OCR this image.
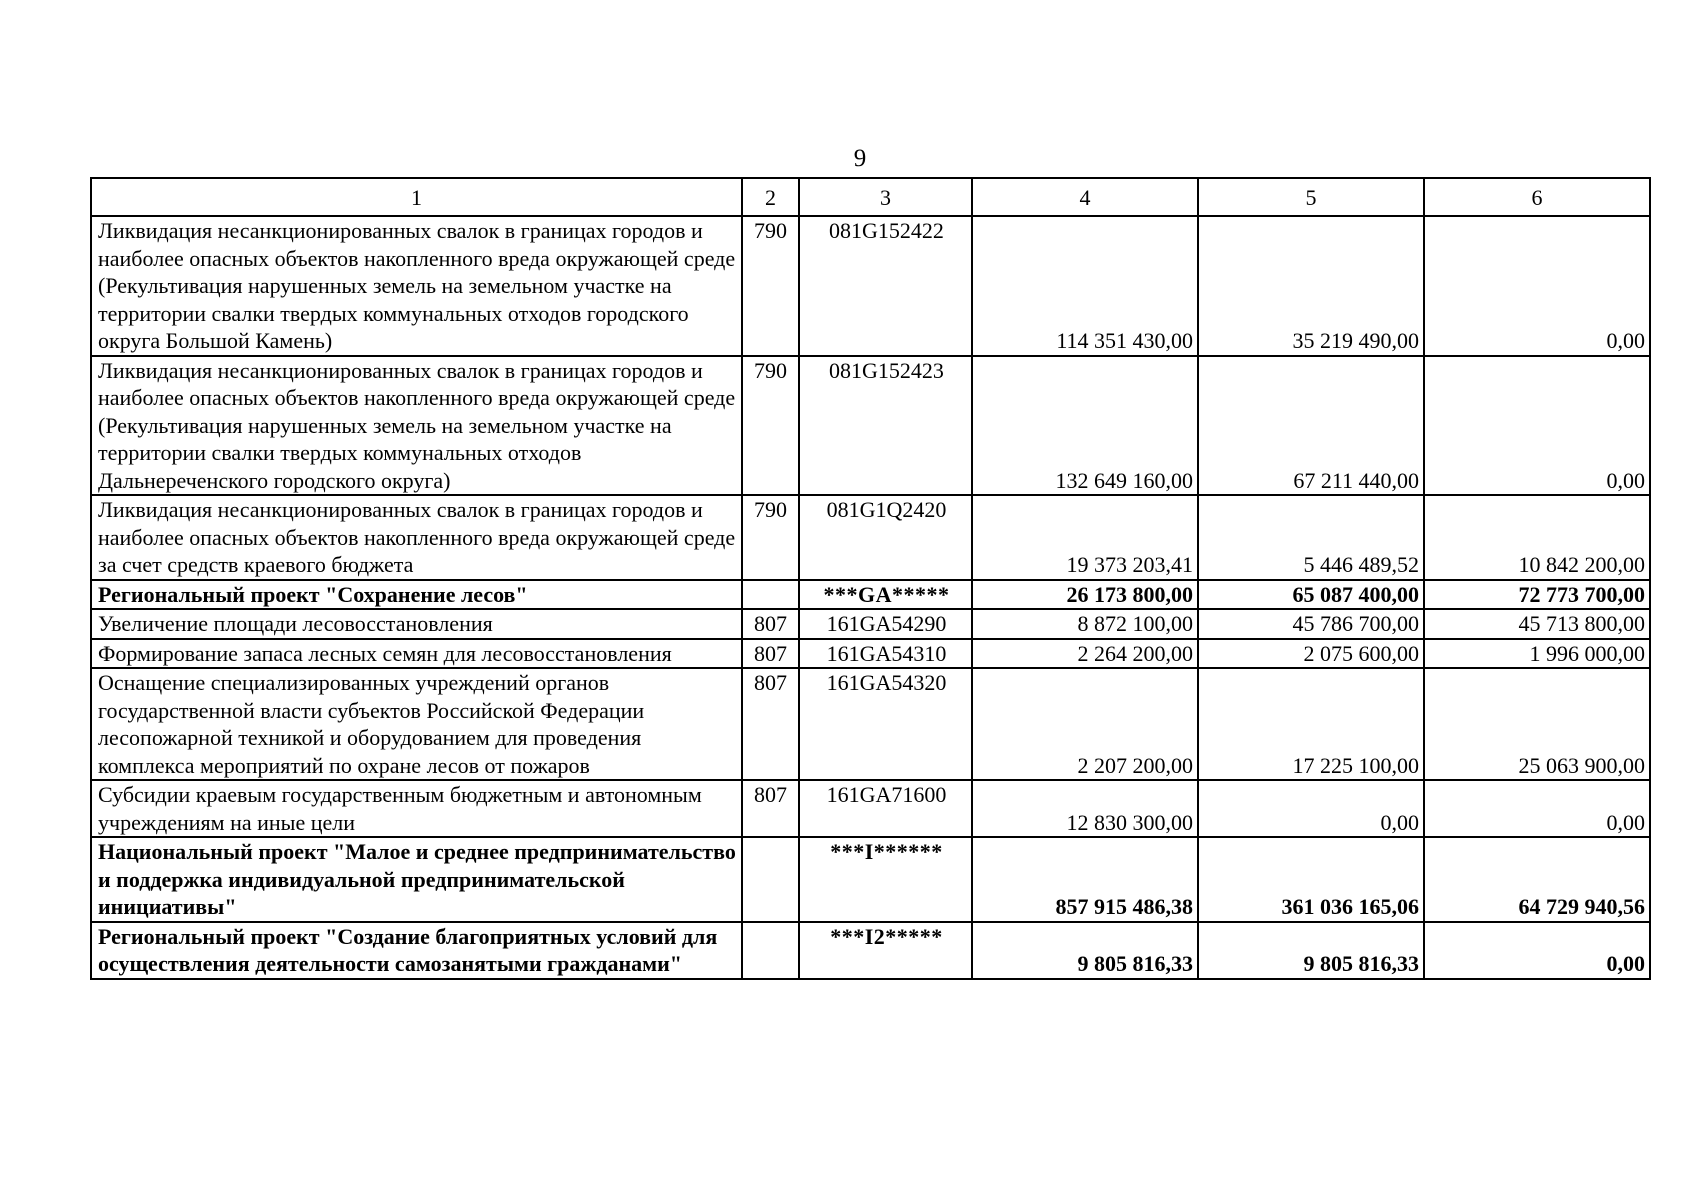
9
1	2	3	4	5	6
Ликвидация несанкционированных свалок в границах городов и наиболее опасных объектов накопленного вреда окружающей среде (Рекультивация нарушенных земель на земельном участке на территории свалки твердых коммунальных отходов городского округа Большой Камень)	790	081G152422	114 351 430,00	35 219 490,00	0,00
Ликвидация несанкционированных свалок в границах городов и наиболее опасных объектов накопленного вреда окружающей среде (Рекультивация нарушенных земель на земельном участке на территории свалки твердых коммунальных отходов Дальнереченского городского округа)	790	081G152423	132 649 160,00	67 211 440,00	0,00
Ликвидация несанкционированных свалок в границах городов и наиболее опасных объектов накопленного вреда окружающей среде за счет средств краевого бюджета	790	081G1Q2420	19 373 203,41	5 446 489,52	10 842 200,00
Региональный проект "Сохранение лесов"		***GA*****	26 173 800,00	65 087 400,00	72 773 700,00
Увеличение площади лесовосстановления	807	161GA54290	8 872 100,00	45 786 700,00	45 713 800,00
Формирование запаса лесных семян для лесовосстановления	807	161GA54310	2 264 200,00	2 075 600,00	1 996 000,00
Оснащение специализированных учреждений органов государственной власти субъектов Российской Федерации лесопожарной техникой и оборудованием для проведения комплекса мероприятий по охране лесов от пожаров	807	161GA54320	2 207 200,00	17 225 100,00	25 063 900,00
Субсидии краевым государственным бюджетным и автономным учреждениям на иные цели	807	161GA71600	12 830 300,00	0,00	0,00
Национальный проект "Малое и среднее предпринимательство и поддержка индивидуальной предпринимательской инициативы"		***I******	857 915 486,38	361 036 165,06	64 729 940,56
Региональный проект "Создание благоприятных условий для осуществления деятельности самозанятыми гражданами"		***I2*****	9 805 816,33	9 805 816,33	0,00
